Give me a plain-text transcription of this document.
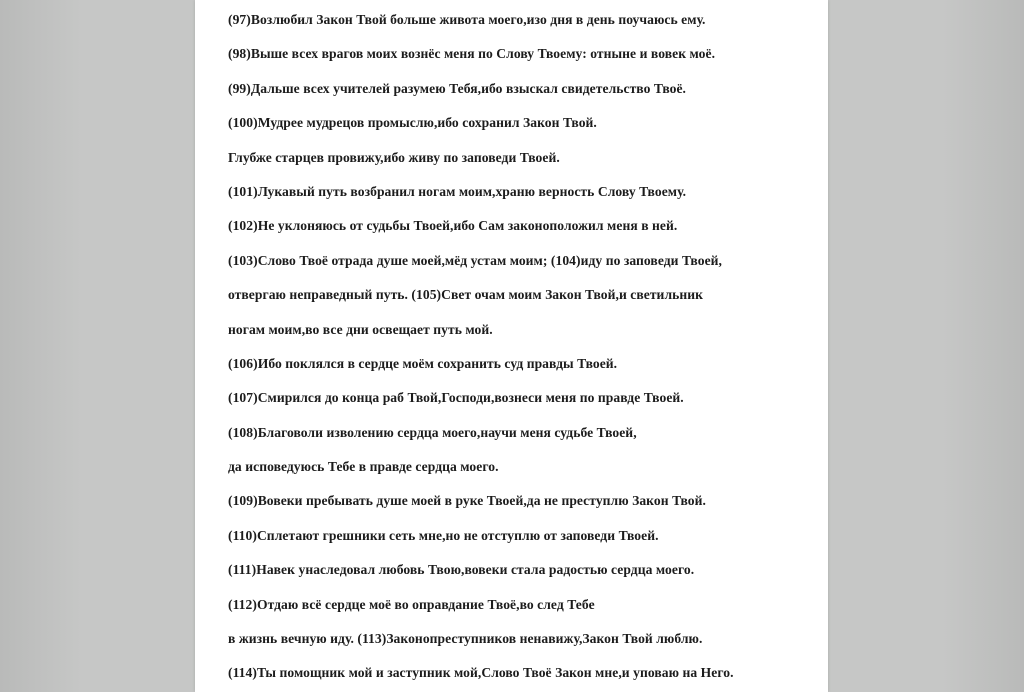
(97)Возлюбил Закон Твой больше живота моего,изо дня в день поучаюсь ему.
(98)Выше всех врагов моих вознёс меня по Слову Твоему: отныне и вовек моё.
(99)Дальше всех учителей разумею Тебя,ибо взыскал свидетельство Твоё.
(100)Мудрее мудрецов промыслю,ибо сохранил Закон Твой.
Глубже старцев провижу,ибо живу по заповеди Твоей.
(101)Лукавый путь возбранил ногам моим,храню верность Слову Твоему.
(102)Не уклоняюсь от судьбы Твоей,ибо Сам законоположил меня в ней.
(103)Слово Твоё отрада душе моей,мёд устам моим; (104)иду по заповеди Твоей,
отвергаю неправедный путь. (105)Свет очам моим Закон Твой,и светильник
ногам моим,во все дни освещает путь мой.
(106)Ибо поклялся в сердце моём сохранить суд правды Твоей.
(107)Смирился до конца раб Твой,Господи,вознеси меня по правде Твоей.
(108)Благоволи изволению сердца моего,научи меня судьбе Твоей,
да исповедуюсь Тебе в правде сердца моего.
(109)Вовеки пребывать душе моей в руке Твоей,да не преступлю Закон Твой.
(110)Сплетают грешники сеть мне,но не отступлю от заповеди Твоей.
(111)Навек унаследовал любовь Твою,вовеки стала радостью сердца моего.
(112)Отдаю всё сердце моё во оправдание Твоё,во след Тебе
в жизнь вечную иду. (113)Законопреступников ненавижу,Закон Твой люблю.
(114)Ты помощник мой и заступник мой,Слово Твоё Закон мне,и уповаю на Него.
